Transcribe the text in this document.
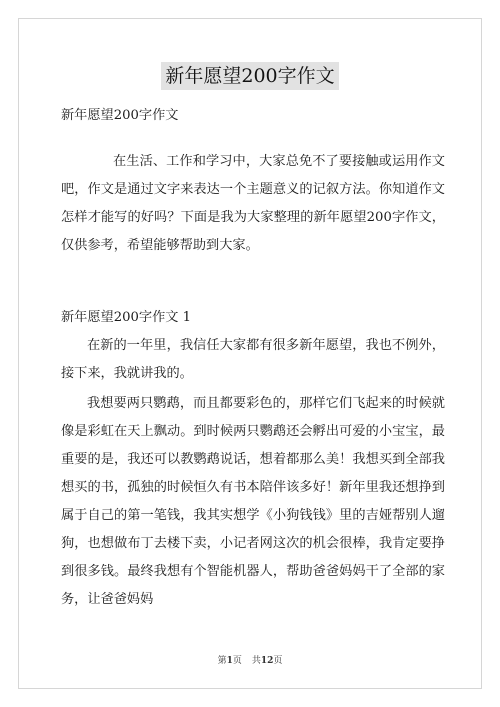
新年愿望200字作文

新年愿望200字作文

在生活、工作和学习中，大家总免不了要接触或运用作文吧，作文是通过文字来表达一个主题意义的记叙方法。你知道作文怎样才能写的好吗？下面是我为大家整理的新年愿望200字作文，仅供参考，希望能够帮助到大家。

新年愿望200字作文 1

在新的一年里，我信任大家都有很多新年愿望，我也不例外，接下来，我就讲我的。

我想要两只鹦鹉，而且都要彩色的，那样它们飞起来的时候就像是彩虹在天上飘动。到时候两只鹦鹉还会孵出可爱的小宝宝，最重要的是，我还可以教鹦鹉说话，想着都那么美！我想买到全部我想买的书，孤独的时候恒久有书本陪伴该多好！新年里我还想挣到属于自己的第一笔钱，我其实想学《小狗钱钱》里的吉娅帮别人遛狗，也想做布丁去楼下卖，小记者网这次的机会很棒，我肯定要挣到很多钱。最终我想有个智能机器人，帮助爸爸妈妈干了全部的家务，让爸爸妈妈

第1页 共12页
